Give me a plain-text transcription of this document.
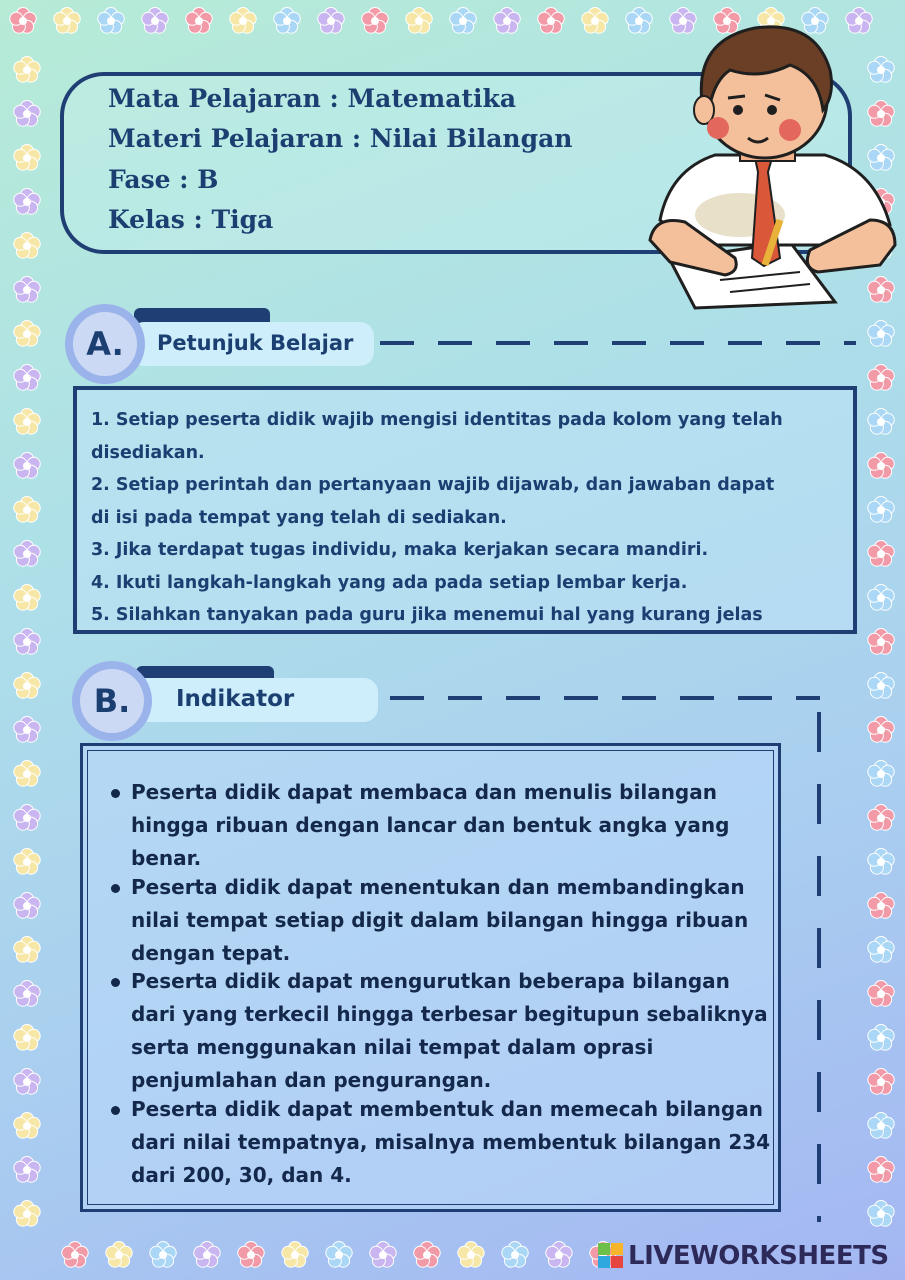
Mata Pelajaran : Matematika
Materi Pelajaran : Nilai Bilangan
Fase : B
Kelas : Tiga
Petunjuk Belajar
A.
1. Setiap peserta didik wajib mengisi identitas pada kolom yang telah
disediakan.
2. Setiap perintah dan pertanyaan wajib dijawab, dan jawaban dapat
di isi pada tempat yang telah di sediakan.
3. Jika terdapat tugas individu, maka kerjakan secara mandiri.
4. Ikuti langkah-langkah yang ada pada setiap lembar kerja.
5. Silahkan tanyakan pada guru jika menemui hal yang kurang jelas
Indikator
B.
Peserta didik dapat membaca dan menulis bilangan
hingga ribuan dengan lancar dan bentuk angka yang
benar.
Peserta didik dapat menentukan dan membandingkan
nilai tempat setiap digit dalam bilangan hingga ribuan
dengan tepat.
Peserta didik dapat mengurutkan beberapa bilangan
dari yang terkecil hingga terbesar begitupun sebaliknya
serta menggunakan nilai tempat dalam oprasi
penjumlahan dan pengurangan.
Peserta didik dapat membentuk dan memecah bilangan
dari nilai tempatnya, misalnya membentuk bilangan 234
dari 200, 30, dan 4.
LIVEWORKSHEETS
